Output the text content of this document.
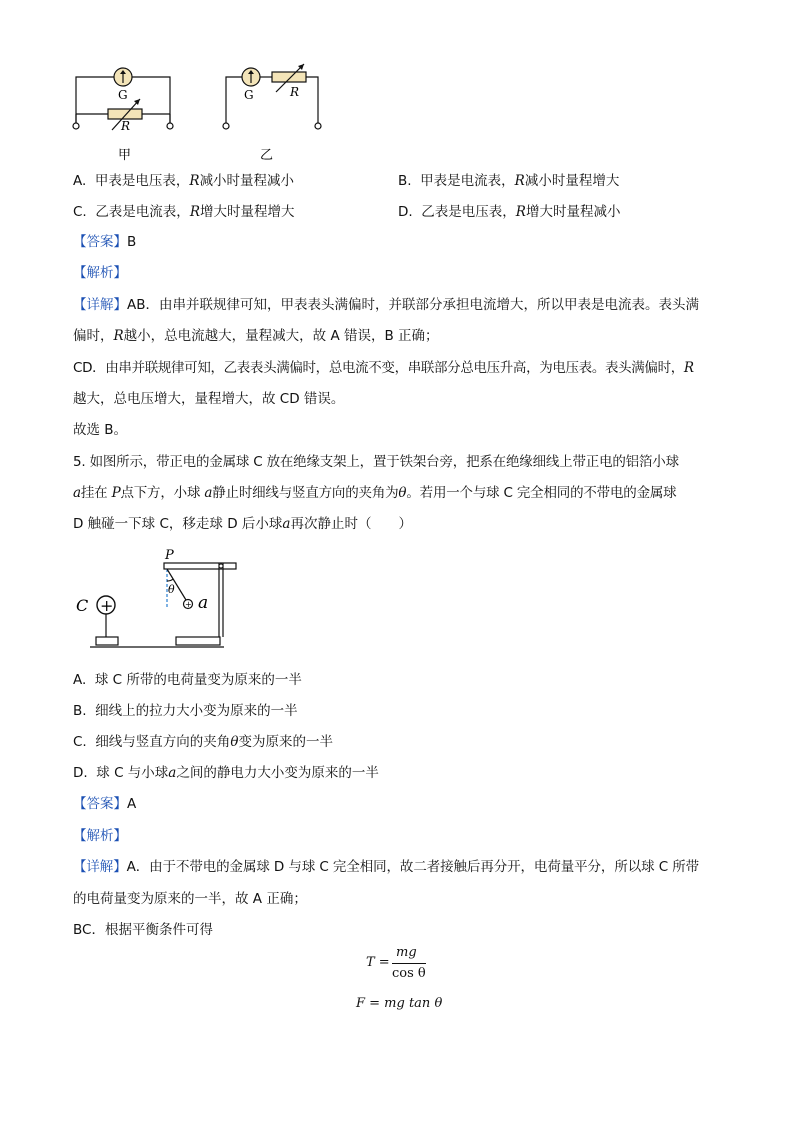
G
R
甲
G	R
乙
A. 甲表是电压表，R减小时量程减小	B. 甲表是电流表，R减小时量程增大
C. 乙表是电流表，R增大时量程增大	D. 乙表是电压表，R增大时量程减小
【答案】B
【解析】
【详解】AB．由串并联规律可知，甲表表头满偏时，并联部分承担电流增大，所以甲表是电流表。表头满
偏时，R越小，总电流越大，量程减大，故 A 错误，B 正确；
CD．由串并联规律可知，乙表表头满偏时，总电流不变，串联部分总电压升高，为电压表。表头满偏时，R
越大，总电压增大，量程增大，故 CD 错误。
故选 B。
5. 如图所示，带正电的金属球 C 放在绝缘支架上，置于铁架台旁，把系在绝缘细线上带正电的铝箔小球
a挂在 P点下方，小球 a静止时细线与竖直方向的夹角为θ。若用一个与球 C 完全相同的不带电的金属球
D 触碰一下球 C，移走球 D 后小球a再次静止时（　　）
+	+
P
C	a
θ
A. 球 C 所带的电荷量变为原来的一半
B. 细线上的拉力大小变为原来的一半
C. 细线与竖直方向的夹角θ变为原来的一半
D. 球 C 与小球a之间的静电力大小变为原来的一半
【答案】A
【解析】
【详解】A．由于不带电的金属球 D 与球 C 完全相同，故二者接触后再分开，电荷量平分，所以球 C 所带
的电荷量变为原来的一半，故 A 正确；
BC．根据平衡条件可得
T =
mg
cos θ
F = mg tan θ
